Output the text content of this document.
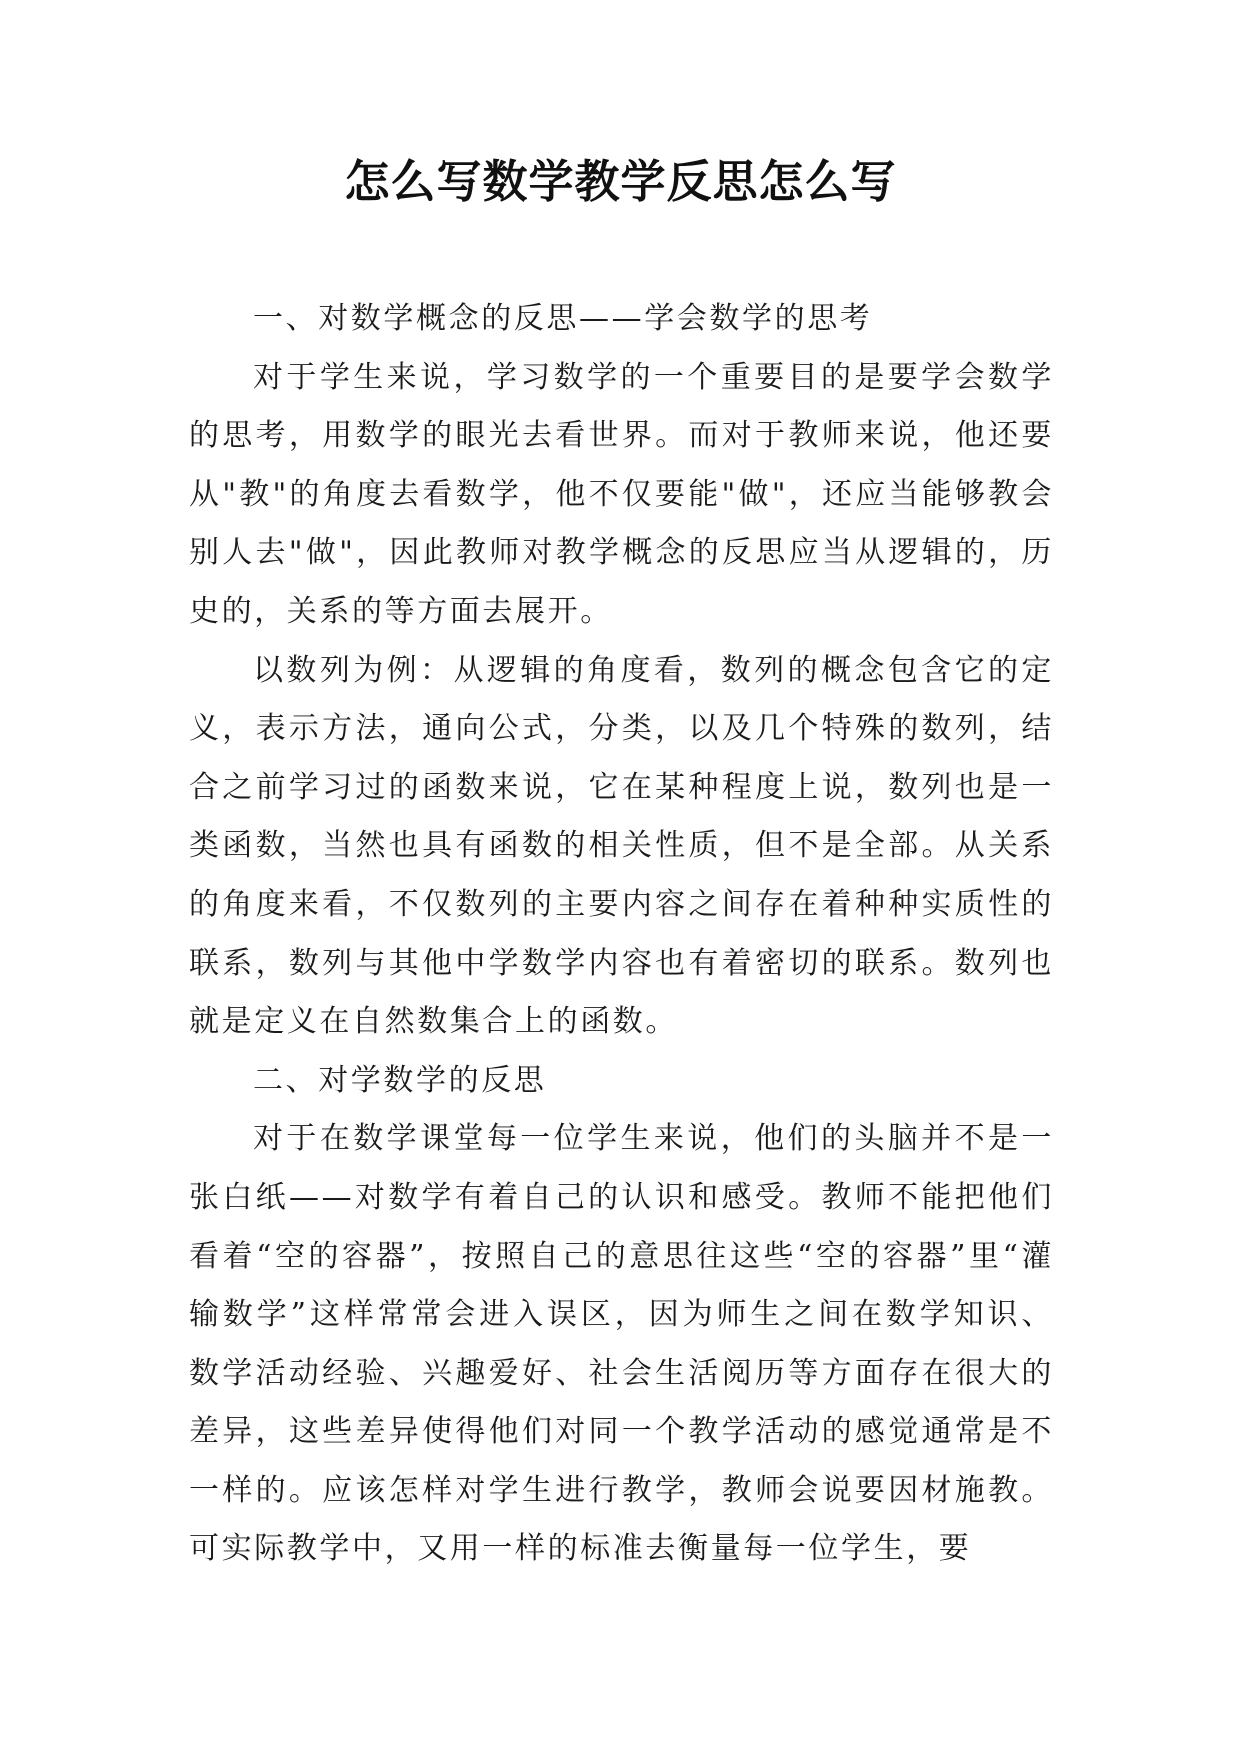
怎么写数学教学反思怎么写

一、对数学概念的反思——学会数学的思考

对于学生来说，学习数学的一个重要目的是要学会数学的思考，用数学的眼光去看世界。而对于教师来说，他还要从"教"的角度去看数学，他不仅要能"做"，还应当能够教会别人去"做"，因此教师对教学概念的反思应当从逻辑的，历史的，关系的等方面去展开。

以数列为例：从逻辑的角度看，数列的概念包含它的定义，表示方法，通向公式，分类，以及几个特殊的数列，结合之前学习过的函数来说，它在某种程度上说，数列也是一类函数，当然也具有函数的相关性质，但不是全部。从关系的角度来看，不仅数列的主要内容之间存在着种种实质性的联系，数列与其他中学数学内容也有着密切的联系。数列也就是定义在自然数集合上的函数。

二、对学数学的反思

对于在数学课堂每一位学生来说，他们的头脑并不是一张白纸——对数学有着自己的认识和感受。教师不能把他们看着“空的容器”，按照自己的意思往这些“空的容器”里“灌输数学”这样常常会进入误区，因为师生之间在数学知识、数学活动经验、兴趣爱好、社会生活阅历等方面存在很大的差异，这些差异使得他们对同一个教学活动的感觉通常是不一样的。应该怎样对学生进行教学，教师会说要因材施教。可实际教学中，又用一样的标准去衡量每一位学生，要
